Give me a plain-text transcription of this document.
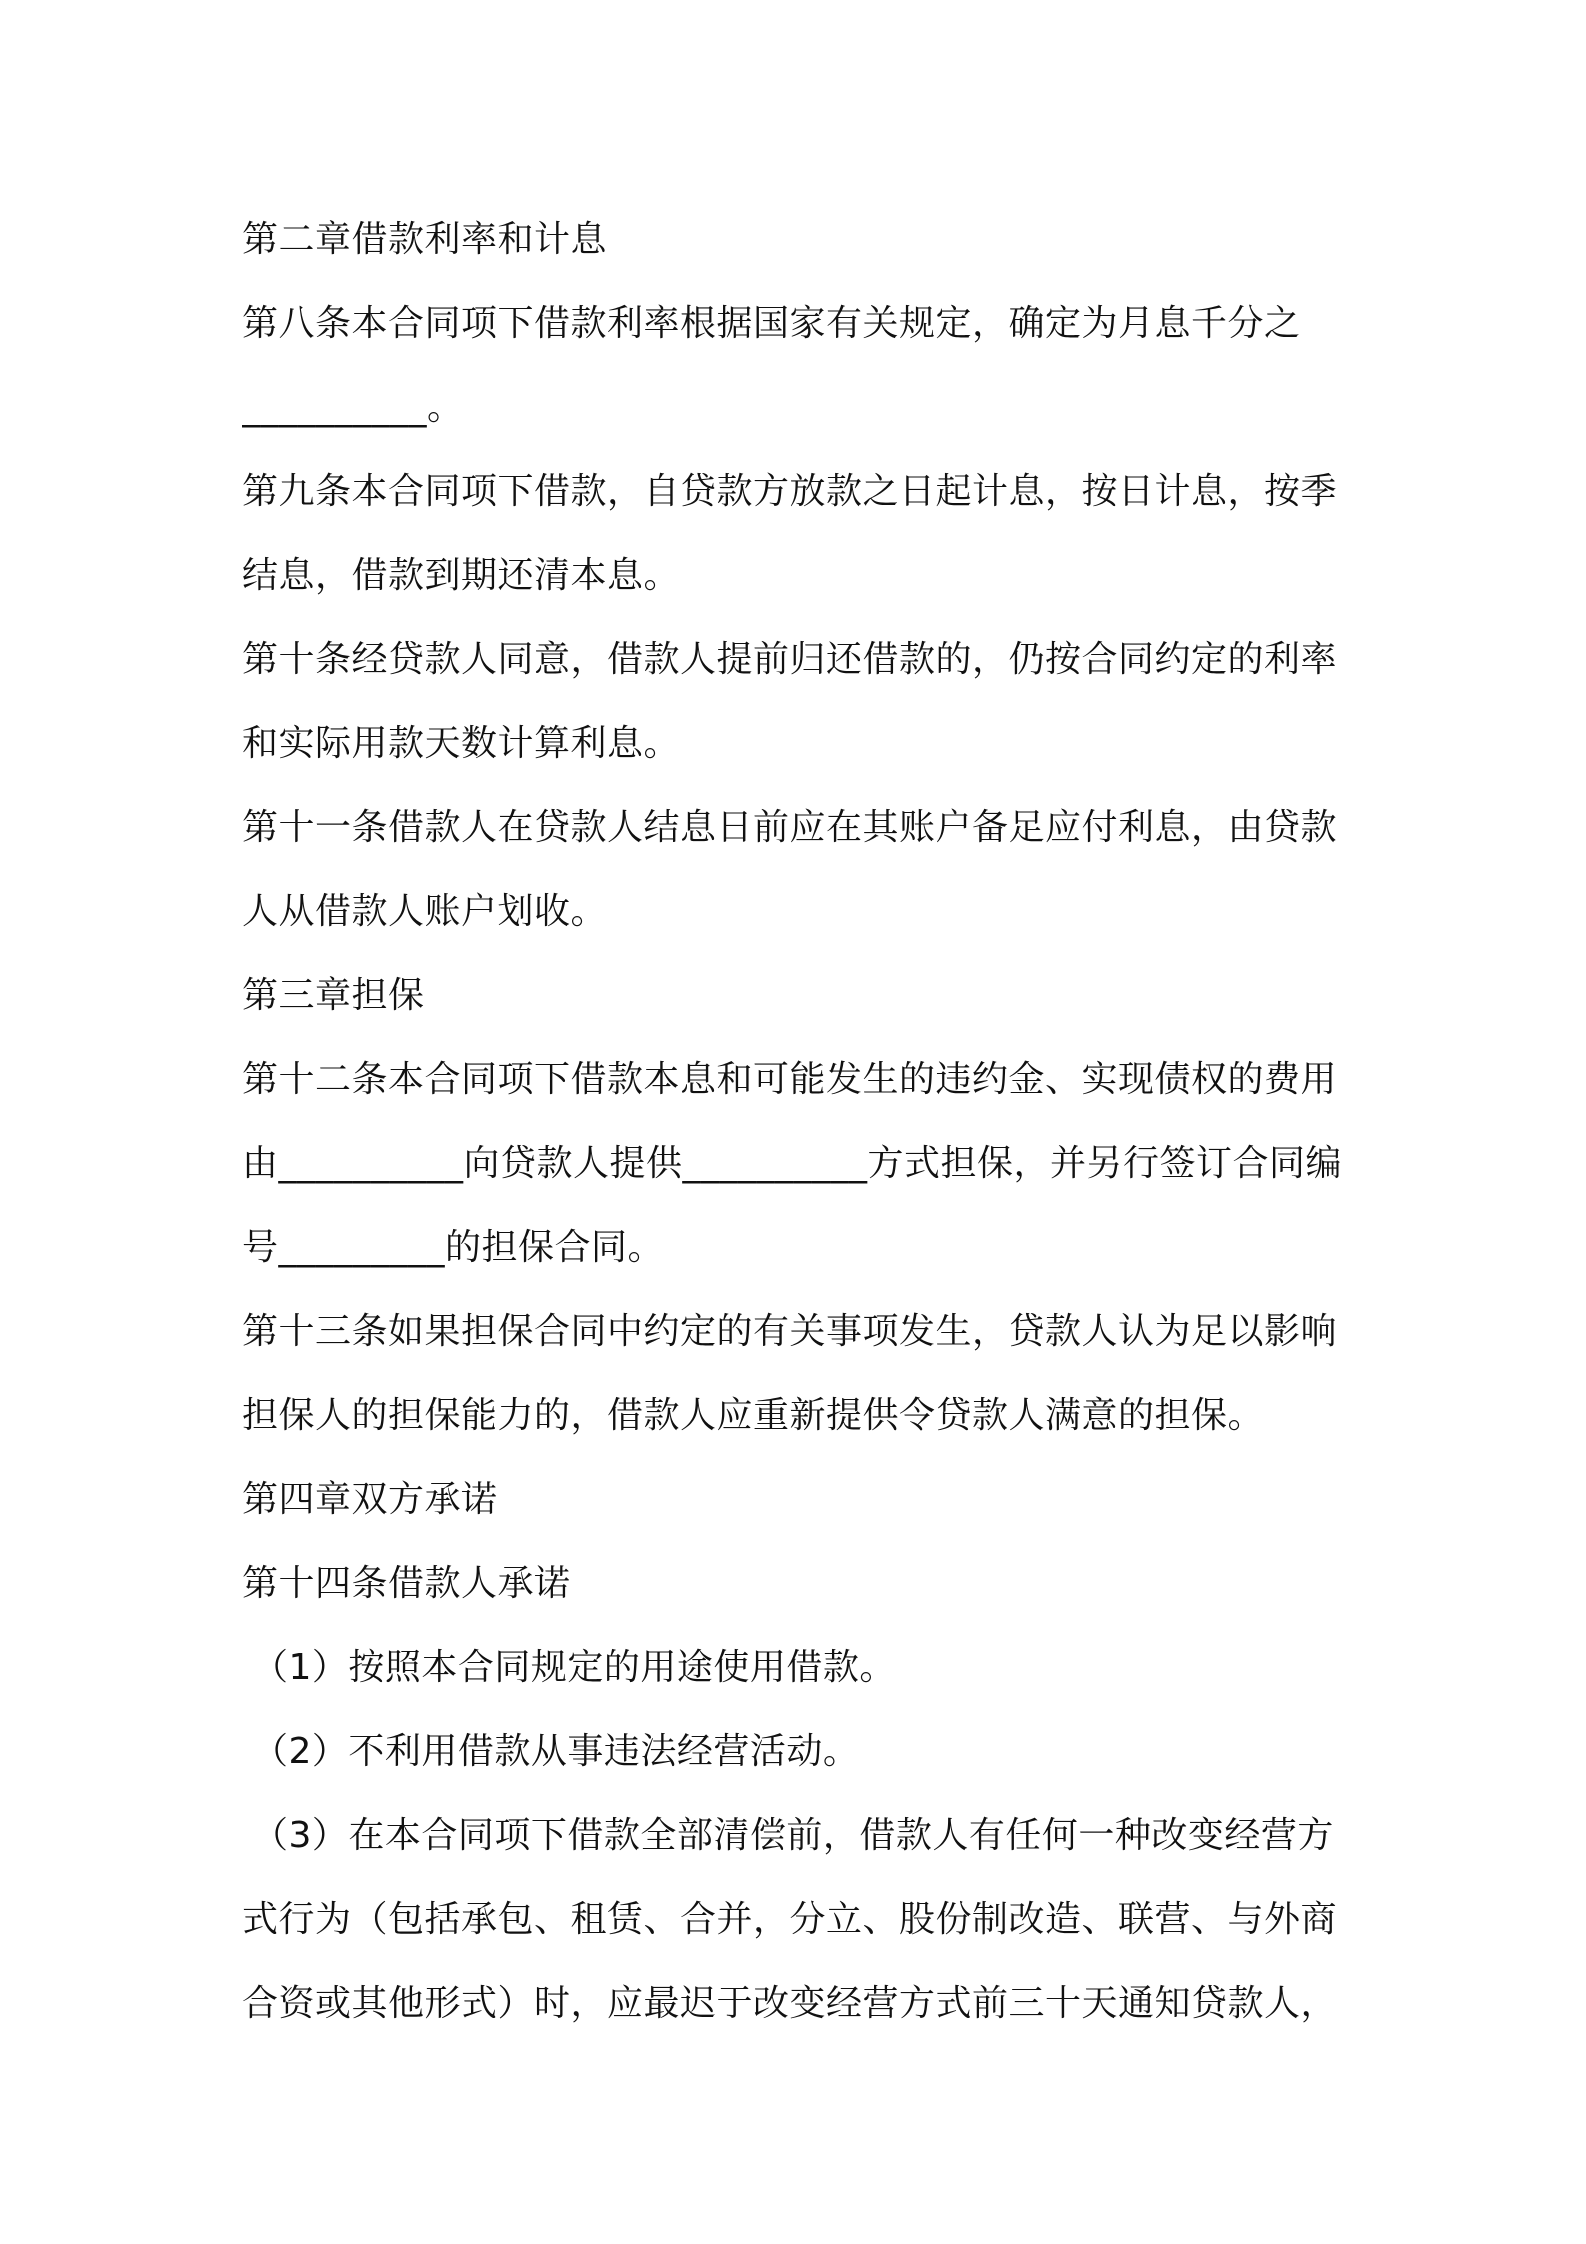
第二章借款利率和计息
第八条本合同项下借款利率根据国家有关规定，确定为月息千分之
__________。
第九条本合同项下借款，自贷款方放款之日起计息，按日计息，按季
结息，借款到期还清本息。
第十条经贷款人同意，借款人提前归还借款的，仍按合同约定的利率
和实际用款天数计算利息。
第十一条借款人在贷款人结息日前应在其账户备足应付利息，由贷款
人从借款人账户划收。
第三章担保
第十二条本合同项下借款本息和可能发生的违约金、实现债权的费用
由__________向贷款人提供__________方式担保，并另行签订合同编
号_________的担保合同。
第十三条如果担保合同中约定的有关事项发生，贷款人认为足以影响
担保人的担保能力的，借款人应重新提供令贷款人满意的担保。
第四章双方承诺
第十四条借款人承诺
（1）按照本合同规定的用途使用借款。
（2）不利用借款从事违法经营活动。
（3）在本合同项下借款全部清偿前，借款人有任何一种改变经营方
式行为（包括承包、租赁、合并，分立、股份制改造、联营、与外商
合资或其他形式）时，应最迟于改变经营方式前三十天通知贷款人，
